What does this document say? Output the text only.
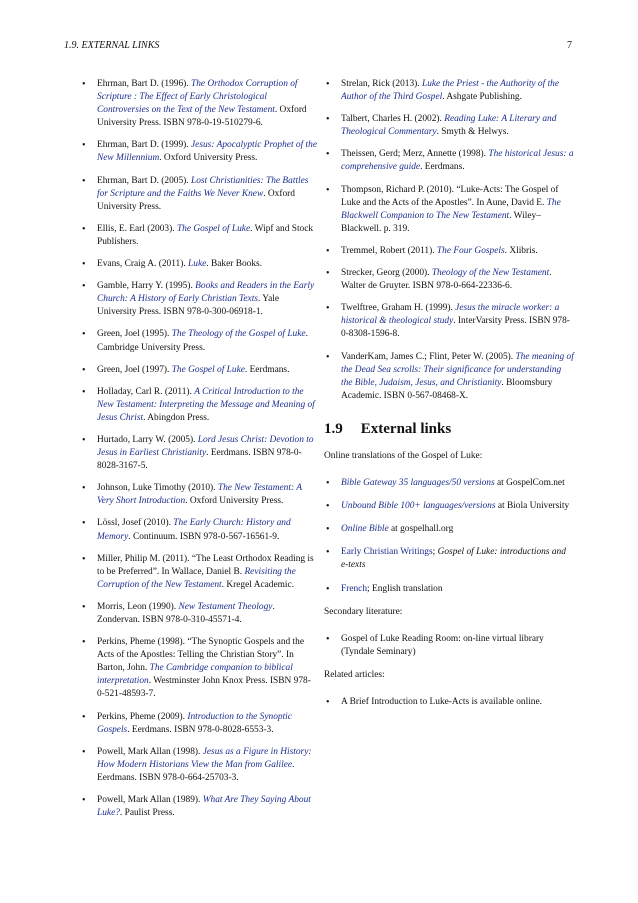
1.9. EXTERNAL LINKS	7
• Ehrman, Bart D. (1996). The Orthodox Corruption of Scripture : The Effect of Early Christological Controversies on the Text of the New Testament. Oxford University Press. ISBN 978-0-19-510279-6.
• Ehrman, Bart D. (1999). Jesus: Apocalyptic Prophet of the New Millennium. Oxford University Press.
• Ehrman, Bart D. (2005). Lost Christianities: The Battles for Scripture and the Faiths We Never Knew. Oxford University Press.
• Ellis, E. Earl (2003). The Gospel of Luke. Wipf and Stock Publishers.
• Evans, Craig A. (2011). Luke. Baker Books.
• Gamble, Harry Y. (1995). Books and Readers in the Early Church: A History of Early Christian Texts. Yale University Press. ISBN 978-0-300-06918-1.
• Green, Joel (1995). The Theology of the Gospel of Luke. Cambridge University Press.
• Green, Joel (1997). The Gospel of Luke. Eerdmans.
• Holladay, Carl R. (2011). A Critical Introduction to the New Testament: Interpreting the Message and Meaning of Jesus Christ. Abingdon Press.
• Hurtado, Larry W. (2005). Lord Jesus Christ: Devotion to Jesus in Earliest Christianity. Eerdmans. ISBN 978-0-8028-3167-5.
• Johnson, Luke Timothy (2010). The New Testament: A Very Short Introduction. Oxford University Press.
• Lössl, Josef (2010). The Early Church: History and Memory. Continuum. ISBN 978-0-567-16561-9.
• Miller, Philip M. (2011). “The Least Orthodox Reading is to be Preferred”. In Wallace, Daniel B. Revisiting the Corruption of the New Testament. Kregel Academic.
• Morris, Leon (1990). New Testament Theology. Zondervan. ISBN 978-0-310-45571-4.
• Perkins, Pheme (1998). “The Synoptic Gospels and the Acts of the Apostles: Telling the Christian Story”. In Barton, John. The Cambridge companion to biblical interpretation. Westminster John Knox Press. ISBN 978-0-521-48593-7.
• Perkins, Pheme (2009). Introduction to the Synoptic Gospels. Eerdmans. ISBN 978-0-8028-6553-3.
• Powell, Mark Allan (1998). Jesus as a Figure in History: How Modern Historians View the Man from Galilee. Eerdmans. ISBN 978-0-664-25703-3.
• Powell, Mark Allan (1989). What Are They Saying About Luke?. Paulist Press.
• Strelan, Rick (2013). Luke the Priest - the Authority of the Author of the Third Gospel. Ashgate Publishing.
• Talbert, Charles H. (2002). Reading Luke: A Literary and Theological Commentary. Smyth & Helwys.
• Theissen, Gerd; Merz, Annette (1998). The historical Jesus: a comprehensive guide. Eerdmans.
• Thompson, Richard P. (2010). “Luke-Acts: The Gospel of Luke and the Acts of the Apostles”. In Aune, David E. The Blackwell Companion to The New Testament. Wiley–Blackwell. p. 319.
• Tremmel, Robert (2011). The Four Gospels. Xlibris.
• Strecker, Georg (2000). Theology of the New Testament. Walter de Gruyter. ISBN 978-0-664-22336-6.
• Twelftree, Graham H. (1999). Jesus the miracle worker: a historical & theological study. InterVarsity Press. ISBN 978-0-8308-1596-8.
• VanderKam, James C.; Flint, Peter W. (2005). The meaning of the Dead Sea scrolls: Their significance for understanding the Bible, Judaism, Jesus, and Christianity. Bloomsbury Academic. ISBN 0-567-08468-X.
1.9 External links

Online translations of the Gospel of Luke:

• Bible Gateway 35 languages/50 versions at GospelCom.net
• Unbound Bible 100+ languages/versions at Biola University
• Online Bible at gospelhall.org
• Early Christian Writings; Gospel of Luke: introductions and e-texts
• French; English translation

Secondary literature:

• Gospel of Luke Reading Room: on-line virtual library (Tyndale Seminary)

Related articles:

• A Brief Introduction to Luke-Acts is available online.
